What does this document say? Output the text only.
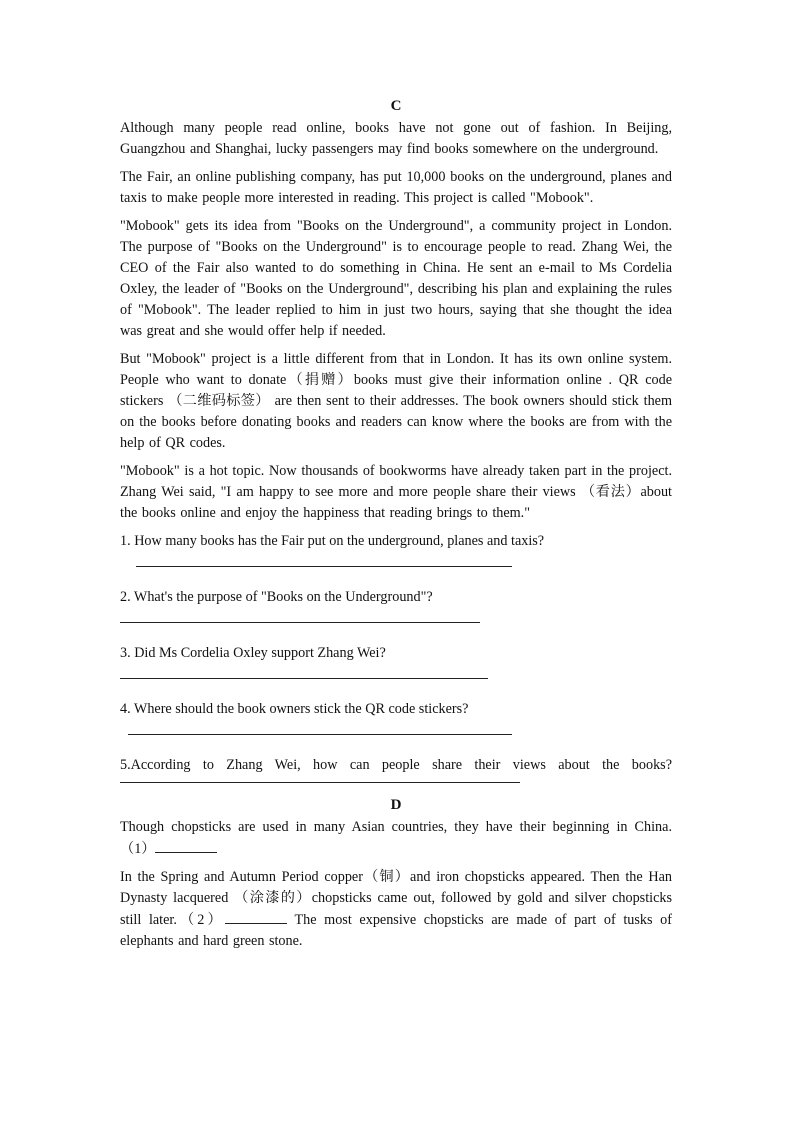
C

Although many people read online, books have not gone out of fashion. In Beijing, Guangzhou and Shanghai, lucky passengers may find books somewhere on the underground.

The Fair, an online publishing company, has put 10,000 books on the underground, planes and taxis to make people more interested in reading. This project is called "Mobook".

"Mobook" gets its idea from "Books on the Underground", a community project in London. The purpose of "Books on the Underground" is to encourage people to read. Zhang Wei, the CEO of the Fair also wanted to do something in China. He sent an e-mail to Ms Cordelia Oxley, the leader of "Books on the Underground", describing his plan and explaining the rules of "Mobook". The leader replied to him in just two hours, saying that she thought the idea was great and she would offer help if needed.

But "Mobook" project is a little different from that in London. It has its own online system. People who want to donate（捐赠）books must give their information online . QR code stickers （二维码标签） are then sent to their addresses. The book owners should stick them on the books before donating books and readers can know where the books are from with the help of QR codes.

"Mobook" is a hot topic. Now thousands of bookworms have already taken part in the project. Zhang Wei said, "I am happy to see more and more people share their views （看法）about the books online and enjoy the happiness that reading brings to them."

1. How many books has the Fair put on the underground, planes and taxis?
2. What's the purpose of "Books on the Underground"?
3. Did Ms Cordelia Oxley support Zhang Wei?
4. Where should the book owners stick the QR code stickers?
5.According to Zhang Wei, how can people share their views about the books?
D

Though chopsticks are used in many Asian countries, they have their beginning in China.（1）

In the Spring and Autumn Period copper（铜）and iron chopsticks appeared. Then the Han Dynasty lacquered （涂漆的）chopsticks came out, followed by gold and silver chopsticks still later.（2）	The most expensive chopsticks are made of part of tusks of elephants and hard green stone.
